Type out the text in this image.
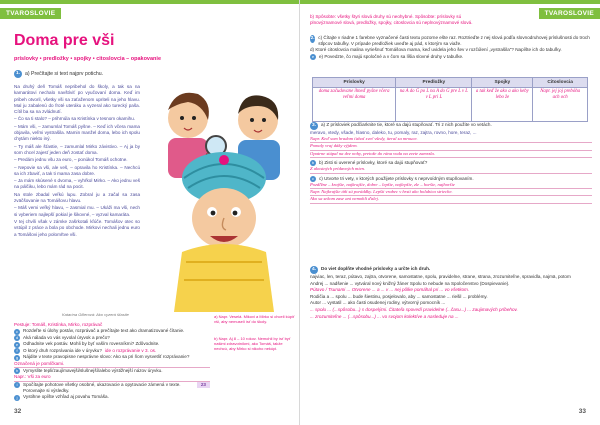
TVAROSLOVIE
Doma pre vši
príslovky • predložky • spojky • citoslovcia – opakovanie
1. a) Prečítajte si text najprv potichu.

Na druhý deň Tomáš nepribehol do školy, a tak sa na kamarátovi nechalo navštíviť po vyučovaní doma. Keď im pribeh otvoril, všetky vši sa zaťaženom upriteli na jeho hlavu. Mal ju zabalenú do froté uteráku a vyzeral ako turecký paša. Cítil ba sa na zvládnutí.

– Čo sa ti stalo? – prihrnúla sa Kristínka v tesnom okamihu.

– Mám vši, – zamumlal Tomáš pyšne. – Keď ich včera mama objavila, veľmi vystrašila. Mamin manžel doma, lebo ich spolu chytám niekto iný.

– Ty máš ale šťastie, – zamumlal Mirko závistivo. – Aj ja by som chcel zajesť jeden deň zostať doma.

– Predám jednu všu za euro, – ponúkol Tomáš ochotne.

– Nepovie sa vši, ale veš, – opravila ho Kristínka. – Nechcú sa ich zbaviť, a tak ti mama zasa dobre.

– Ja mám skúsené s dvoma, – vyhŕkol Mirko. – Ako jednu veš na pálčiku, lebo mám rád na pocit.

Na stole zbadal veľkú lupu. Zobral ju a začal sa zasa zväčšovanie na Tomášovu hlavu.

– Máš vemi veľký hlavu, – zasmial mu. – Ukáži ma vši, nech si vyberiem najlepší pokial je šikovné, – vyzval kamaráta.

V tej chvíli však v zámke zašrkotali kľúče. Tomášov otec so vstúpil z práce a bola po obchode. Mirkovi nechali jednu euro a Tomášovi jeho polomŕtve vši.

Katarína Gillerová: Ako vyzerá šťastie	a) Napr. Veselá. Mikovi a Mirko si chceli kúpiť vši, aby nemuseli ísť do školy.
b) Napr. Aj 8 – 10 rokov. Nemohli by ísť byť našimi zdravotníkmi, ako Tomáš, takže nechcú, aby Mirko si nikoho nekúpi.
Pestuje: Tomáš, Kristínka, Mirko, rozprávač
c	Rozdeľte si úlohy postáv, rozprávač a prečítajte text ako dramatizované čítanie.
d	Aká nálada vo vás vyvolal úryvok a prečo?
e	Odhadnite vek postáv. Mohli by byť vaším rovesníkmi? Zdôvodnite.
f	O ktorý druh rozprávania ide v úryvku? ide o rozprávanie v 3. os.
g	Nájdite v texte pravopisne nesprávne slovo: Ako sa pri ňom vysvetliť rozprávanie?
Označená je pomlčkami.
h	Vymyslite tepli/zaujímavejši/slušnejší/alebo výstižnejší názov úryvku.
Napr.: Vši za euro
i	Spočítajte pohotove všetky osobné, ukazovacie a opytovacie zámená v texte. Porovnajte si výsledky.
23
j	Vystihne opíšte vzhľad aj povahu Tomáša.
32
TVAROSLOVIE
b) Spôsobte: všetky štyri slová druhy sú neohybné. Spôsobte: príslovky sú plnovýznamové slová, predložky, spojky, citoslovcia sú neplnovýznamové slová.
2. c) Čítajte v riadne 1 farebne vyznačené časti textu pozorne ešte raz. Roztrieďte z nej slová podľa slovnodruhovej príslušnosti do troch stĺpcov tabuľky. V prípade predložiek uveďte aj pád, s ktorým sa viaže.
d) Ktoré citoslovcia malina vyriešnuť Tomášova mama, keď uvidela jeho šev v rozčúlení „vystrašila"? Napíšte ich do tabuľky.
e	e) Povedzte, čo majú spoločné a v čom sa líšia slovné druhy v tabuľke.
Príslovky	Predložky	Spojky	Citoslovcia
doma začudovane ihneď pyšne včera veľmi doma	na A do G po L na A do G pre L v L v L pri L	a tak keď že ako a ako keby lebo že	Napr. jej joj prebóha ach och
3.	a) Z prísloviek podčiarknite tie, ktoré sa dajú stupňovať. Tri z nich použite vo vetách.
meravo, vtedy, všade, hlasno, daleko, tu, pomaly, raz, zajtra, rovno, hore, teraz, ...
Napr. Keď som hradom ťahať sveť všedy, iteral sa mrouce.
Pomaly vraj dáky výjdem.
Opatrne stúpal na dve nohy, pretože do rána voda na zvete zamrzla.
b	b) Zisti si uverené príslovky, ktoré sa dajú stupňovať?
Z akostných prídavných mien.
c	c) Utvorte tri vety, v ktorých použijete príslovky s neprvoídným stupňovaním.
Pozdľžne – krajšie, najkrajšie, dobre – lepšie, najlepšie, zle – horšie, najhoršie
Napr. Najkrajšie áňi sú poráddky. Lepšii vrabec v hrsti ako holubica strieche.
Ako sa sekom zase ani nemohli ďalej.
4.	Do viet doplňte vhodné príslovky a určte ich druh.
najviac, len, teraz, pútavo, zajtra, otvorene, samostatne, spolu, pravidelne, strane, strana, zrozumiteľne, spravidla, najmä, potom
Andrej ... nadšenie ... vytváral nový knižný žáner Spolu to nebude na Spoločenstvo (Dospievanie).
Pútavo / Tsunami ... Otvorene ... a ... v ... nej pôlke pomáhal pri ... vo všetkom.
Rodičia a ... spolu ... bude šiestinu, posjelovalo, aby ... samostatne ... riešil ... problémy.
Autor ... vystatil ... ako časti osudenej rodiny, výtvorný pomocník ...
... spolu ... (...spôsobu...) s dospelými. Čitateľa spovedí pravidelne (...času...) ... zaujimavých príbehov.
... zrozumiteľne ... (...spôsobu...) ... vo svojom kolektíve a nasleduje na ...
33
